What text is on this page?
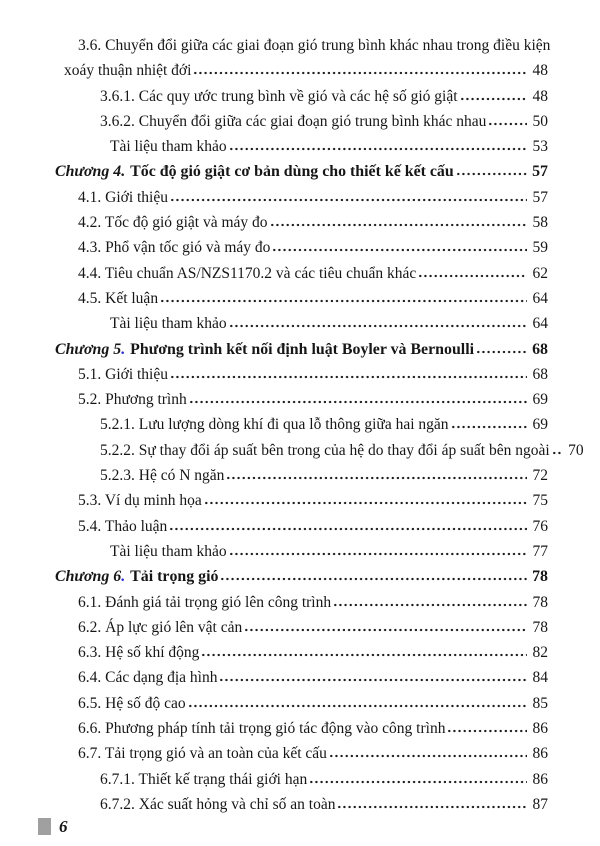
3.6. Chuyển đổi giữa các giai đoạn gió trung bình khác nhau trong điều kiện
xoáy thuận nhiệt đới	48
3.6.1. Các quy ước trung bình về gió và các hệ số gió giật	48
3.6.2. Chuyển đổi giữa các giai đoạn gió trung bình khác nhau	50
Tài liệu tham khảo	53
Chương 4 . Tốc độ gió giật cơ bản dùng cho thiết kế kết cấu	57
4.1. Giới thiệu	57
4.2. Tốc độ gió giật và máy đo	58
4.3. Phổ vận tốc gió và máy đo	59
4.4. Tiêu chuẩn AS/NZS1170.2 và các tiêu chuẩn khác	62
4.5. Kết luận	64
Tài liệu tham khảo	64
Chương 5 . Phương trình kết nối định luật Boyler và Bernoulli	68
5.1. Giới thiệu	68
5.2. Phương trình	69
5.2.1. Lưu lượng dòng khí đi qua lỗ thông giữa hai ngăn	69
5.2.2. Sự thay đổi áp suất bên trong của hệ do thay đổi áp suất bên ngoài 70
5.2.3. Hệ có N ngăn	72
5.3. Ví dụ minh họa	75
5.4. Thảo luận	76
Tài liệu tham khảo	77
Chương 6 . Tải trọng gió	78
6.1. Đánh giá tải trọng gió lên công trình	78
6.2. Áp lực gió lên vật cản	78
6.3. Hệ số khí động	82
6.4. Các dạng địa hình	84
6.5. Hệ số độ cao	85
6.6. Phương pháp tính tải trọng gió tác động vào công trình	86
6.7. Tải trọng gió và an toàn của kết cấu	86
6.7.1. Thiết kế trạng thái giới hạn	86
6.7.2. Xác suất hỏng và chỉ số an toàn	87
6
